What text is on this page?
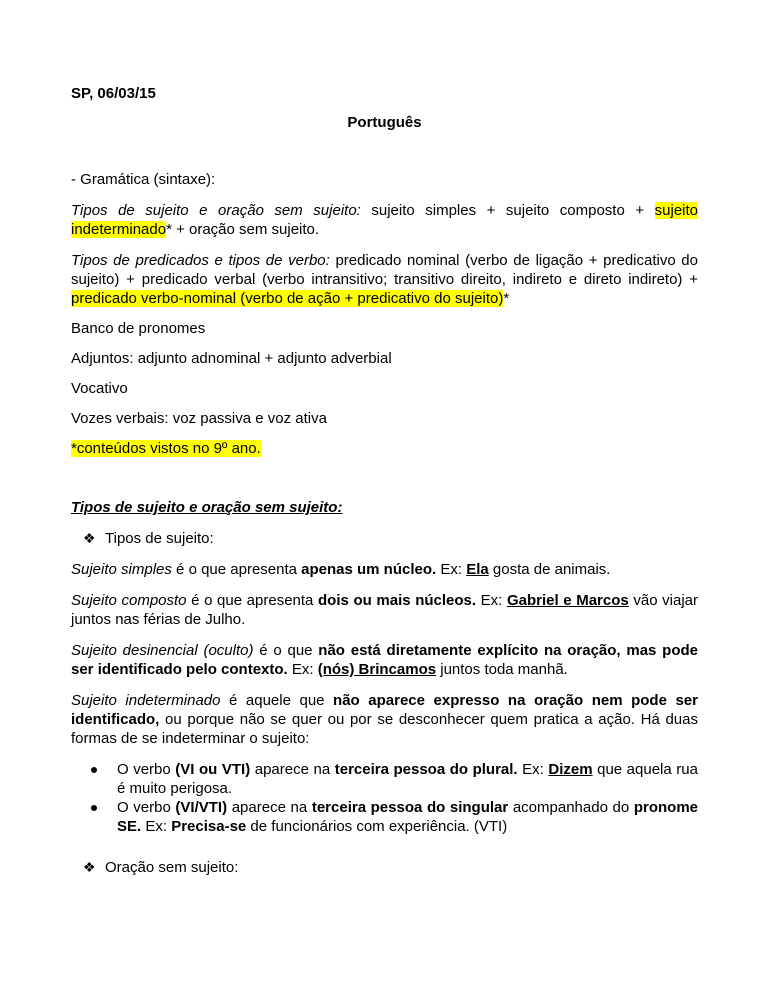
SP, 06/03/15

Português

- Gramática (sintaxe):

Tipos de sujeito e oração sem sujeito: sujeito simples + sujeito composto + sujeito indeterminado* + oração sem sujeito.

Tipos de predicados e tipos de verbo: predicado nominal (verbo de ligação + predicativo do sujeito) + predicado verbal (verbo intransitivo; transitivo direito, indireto e direto indireto) + predicado verbo-nominal (verbo de ação + predicativo do sujeito)*

Banco de pronomes

Adjuntos: adjunto adnominal + adjunto adverbial

Vocativo

Vozes verbais: voz passiva e voz ativa

*conteúdos vistos no 9º ano.

Tipos de sujeito e oração sem sujeito:

❖ Tipos de sujeito:

Sujeito simples é o que apresenta apenas um núcleo. Ex: Ela gosta de animais.

Sujeito composto é o que apresenta dois ou mais núcleos. Ex: Gabriel e Marcos vão viajar juntos nas férias de Julho.

Sujeito desinencial (oculto) é o que não está diretamente explícito na oração, mas pode ser identificado pelo contexto. Ex: (nós) Brincamos juntos toda manhã.

Sujeito indeterminado é aquele que não aparece expresso na oração nem pode ser identificado, ou porque não se quer ou por se desconhecer quem pratica a ação. Há duas formas de se indeterminar o sujeito:

O verbo (VI ou VTI) aparece na terceira pessoa do plural. Ex: Dizem que aquela rua é muito perigosa.
O verbo (VI/VTI) aparece na terceira pessoa do singular acompanhado do pronome SE. Ex: Precisa-se de funcionários com experiência. (VTI)
❖ Oração sem sujeito:
